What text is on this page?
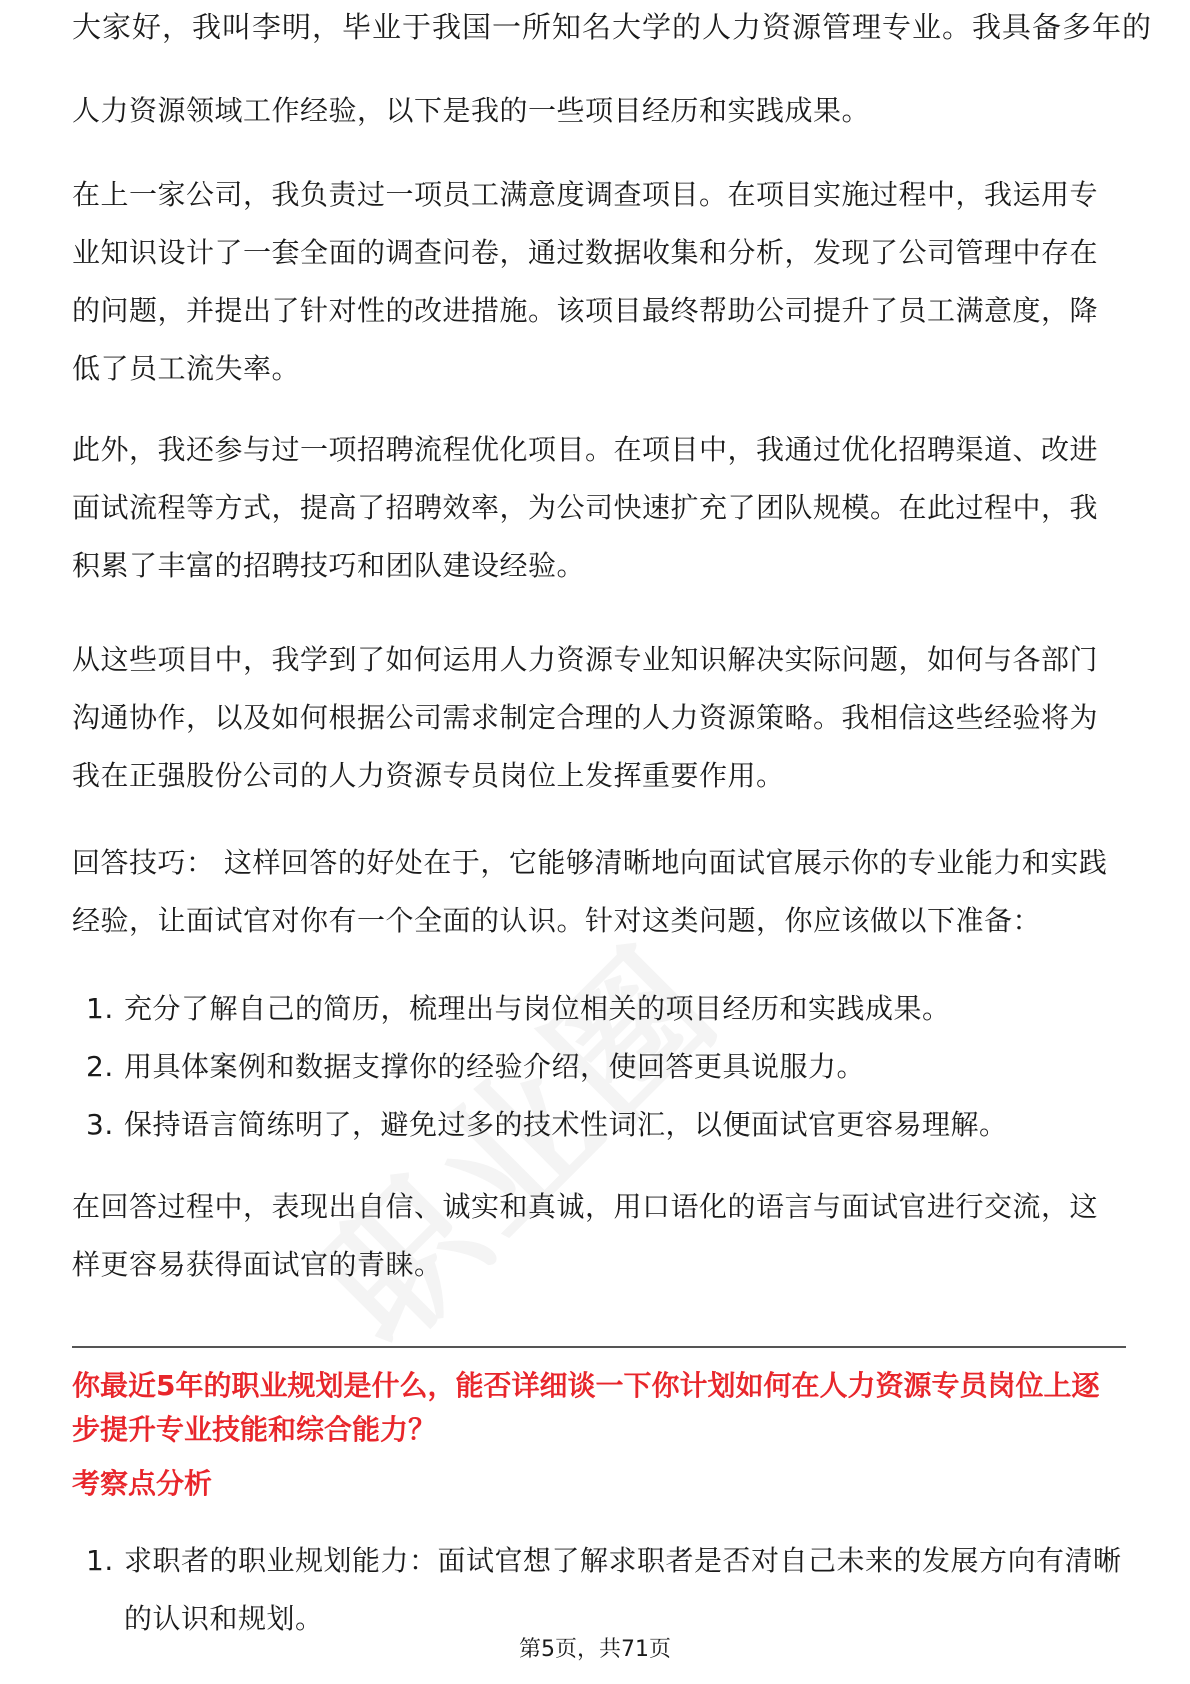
大家好，我叫李明，毕业于我国一所知名大学的人力资源管理专业。我具备多年的

人力资源领域工作经验，以下是我的一些项目经历和实践成果。

在上一家公司，我负责过一项员工满意度调查项目。在项目实施过程中，我运用专业知识设计了一套全面的调查问卷，通过数据收集和分析，发现了公司管理中存在的问题，并提出了针对性的改进措施。该项目最终帮助公司提升了员工满意度，降低了员工流失率。

此外，我还参与过一项招聘流程优化项目。在项目中，我通过优化招聘渠道、改进面试流程等方式，提高了招聘效率，为公司快速扩充了团队规模。在此过程中，我积累了丰富的招聘技巧和团队建设经验。

从这些项目中，我学到了如何运用人力资源专业知识解决实际问题，如何与各部门沟通协作，以及如何根据公司需求制定合理的人力资源策略。我相信这些经验将为我在正强股份公司的人力资源专员岗位上发挥重要作用。

回答技巧： 这样回答的好处在于，它能够清晰地向面试官展示你的专业能力和实践经验，让面试官对你有一个全面的认识。针对这类问题，你应该做以下准备：

1. 充分了解自己的简历，梳理出与岗位相关的项目经历和实践成果。
2. 用具体案例和数据支撑你的经验介绍，使回答更具说服力。
3. 保持语言简练明了，避免过多的技术性词汇，以便面试官更容易理解。

在回答过程中，表现出自信、诚实和真诚，用口语化的语言与面试官进行交流，这样更容易获得面试官的青睐。

你最近5年的职业规划是什么，能否详细谈一下你计划如何在人力资源专员岗位上逐步提升专业技能和综合能力？

考察点分析

1. 求职者的职业规划能力：面试官想了解求职者是否对自己未来的发展方向有清晰的认识和规划。
第5页，共71页
